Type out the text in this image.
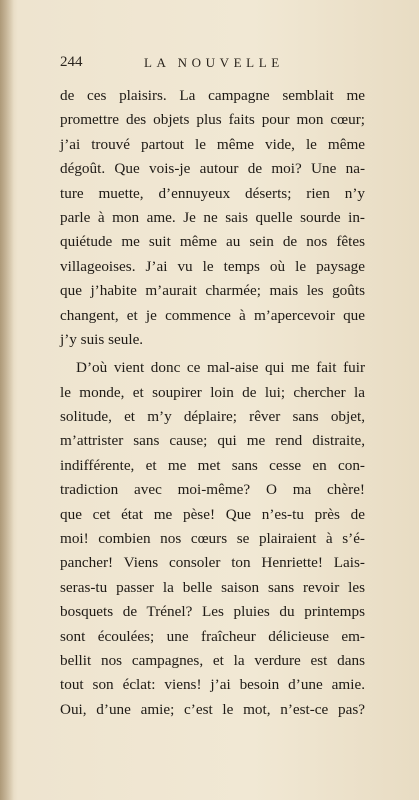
244	LA NOUVELLE
de ces plaisirs. La campagne semblait me
promettre des objets plus faits pour mon cœur;
j’ai trouvé partout le même vide, le même
dégoût. Que vois-je autour de moi? Une na-
ture muette, d’ennuyeux déserts; rien n’y
parle à mon ame. Je ne sais quelle sourde in-
quiétude me suit même au sein de nos fêtes
villageoises. J’ai vu le temps où le paysage
que j’habite m’aurait charmée; mais les goûts
changent, et je commence à m’apercevoir que
j’y suis seule.
D’où vient donc ce mal-aise qui me fait fuir
le monde, et soupirer loin de lui; chercher la
solitude, et m’y déplaire; rêver sans objet,
m’attrister sans cause; qui me rend distraite,
indifférente, et me met sans cesse en con-
tradiction avec moi-même? O ma chère!
que cet état me pèse! Que n’es-tu près de
moi! combien nos cœurs se plairaient à s’é-
pancher! Viens consoler ton Henriette! Lais-
seras-tu passer la belle saison sans revoir les
bosquets de Trénel? Les pluies du printemps
sont écoulées; une fraîcheur délicieuse em-
bellit nos campagnes, et la verdure est dans
tout son éclat: viens! j’ai besoin d’une amie.
Oui, d’une amie; c’est le mot, n’est-ce pas?
